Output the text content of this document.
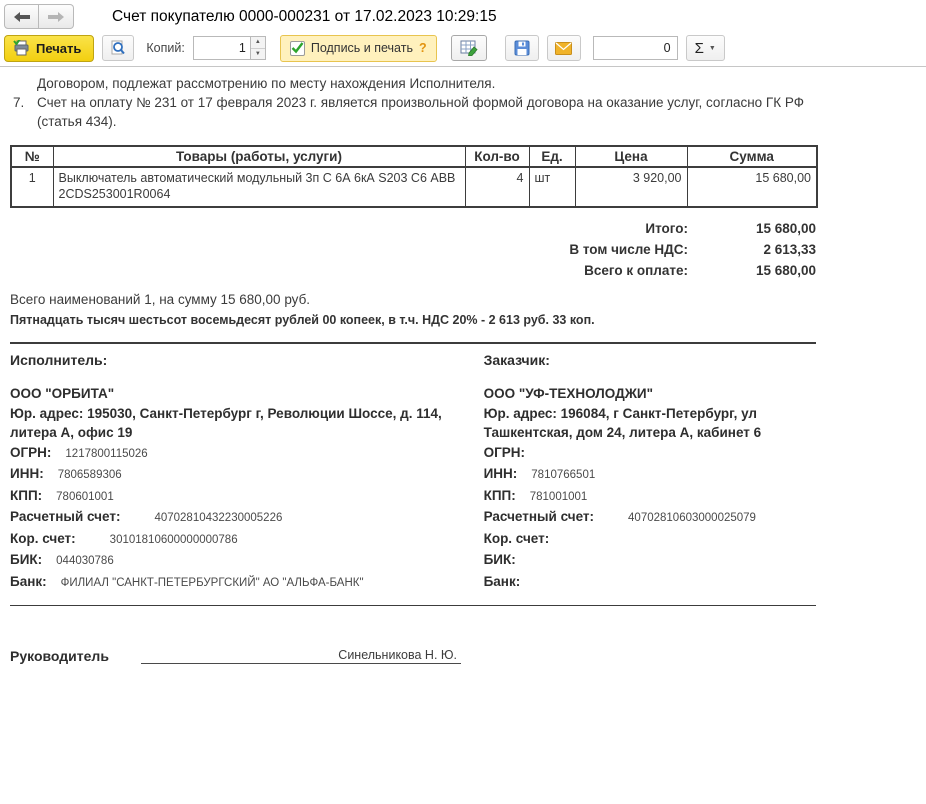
Счет покупателю 0000-000231 от 17.02.2023 10:29:15
Печать	Копий:
1	▲
▼	Подпись и печать ?
0	Σ ▼
Договором, подлежат рассмотрению по месту нахождения Исполнителя.
7. Счет на оплату № 231 от 17 февраля 2023 г. является произвольной формой договора на оказание услуг, согласно ГК РФ (статья 434).
№	Товары (работы, услуги)	Кол-во	Ед.	Цена	Сумма
1	Выключатель автоматический модульный 3п С 6А 6кА S203 С6 ABB 2CDS253001R0064	4	шт	3 920,00	15 680,00
Итого:	15 680,00
В том числе НДС:	2 613,33
Всего к оплате:	15 680,00
Всего наименований 1, на сумму 15 680,00 руб.
Пятнадцать тысяч шестьсот восемьдесят рублей 00 копеек, в т.ч. НДС 20% - 2 613 руб. 33 коп.
Исполнитель:
ООО "ОРБИТА"
Юр. адрес: 195030, Санкт-Петербург г, Революции Шоссе, д. 114, литера А, офис 19
ОГРН: 1217800115026
ИНН: 7806589306
КПП: 780601001
Расчетный счет:	40702810432230005226
Кор. счет:	30101810600000000786
БИК: 044030786
Банк: ФИЛИАЛ "САНКТ-ПЕТЕРБУРГСКИЙ" АО "АЛЬФА-БАНК"
Заказчик:
ООО "УФ-ТЕХНОЛОДЖИ"
Юр. адрес: 196084, г Санкт-Петербург, ул Ташкентская, дом 24, литера А, кабинет 6
ОГРН:
ИНН: 7810766501
КПП: 781001001
Расчетный счет:	40702810603000025079
Кор. счет:
БИК:
Банк:
Руководитель	Синельникова Н. Ю.
